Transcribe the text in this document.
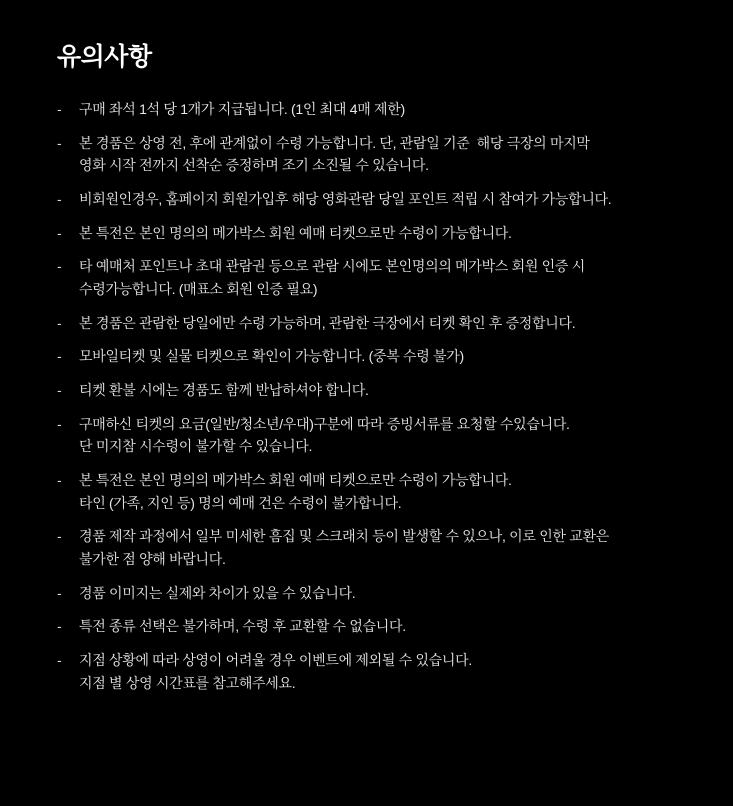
유의사항
-	구매 좌석 1석 당 1개가 지급됩니다. (1인 최대 4매 제한)
-	본 경품은 상영 전, 후에 관계없이 수령 가능합니다. 단, 관람일 기준  해당 극장의 마지막
영화 시작 전까지 선착순 증정하며 조기 소진될 수 있습니다.
-	비회원인경우, 홈페이지 회원가입후 해당 영화관람 당일 포인트 적립 시 참여가 가능합니다.
-	본 특전은 본인 명의의 메가박스 회원 예매 티켓으로만 수령이 가능합니다.
-	타 예매처 포인트나 초대 관람권 등으로 관람 시에도 본인명의의 메가박스 회원 인증 시
수령가능합니다. (매표소 회원 인증 필요)
-	본 경품은 관람한 당일에만 수령 가능하며, 관람한 극장에서 티켓 확인 후 증정합니다.
-	모바일티켓 및 실물 티켓으로 확인이 가능합니다. (중복 수령 불가)
-	티켓 환불 시에는 경품도 함께 반납하셔야 합니다.
-	구매하신 티켓의 요금(일반/청소년/우대)구분에 따라 증빙서류를 요청할 수있습니다.
단 미지참 시수령이 불가할 수 있습니다.
-	본 특전은 본인 명의의 메가박스 회원 예매 티켓으로만 수령이 가능합니다.
타인 (가족, 지인 등) 명의 예매 건은 수령이 불가합니다.
-	경품 제작 과정에서 일부 미세한 흠집 및 스크래치 등이 발생할 수 있으나, 이로 인한 교환은
불가한 점 양해 바랍니다.
-	경품 이미지는 실제와 차이가 있을 수 있습니다.
-	특전 종류 선택은 불가하며, 수령 후 교환할 수 없습니다.
-	지점 상황에 따라 상영이 어려울 경우 이벤트에 제외될 수 있습니다.
지점 별 상영 시간표를 참고해주세요.
